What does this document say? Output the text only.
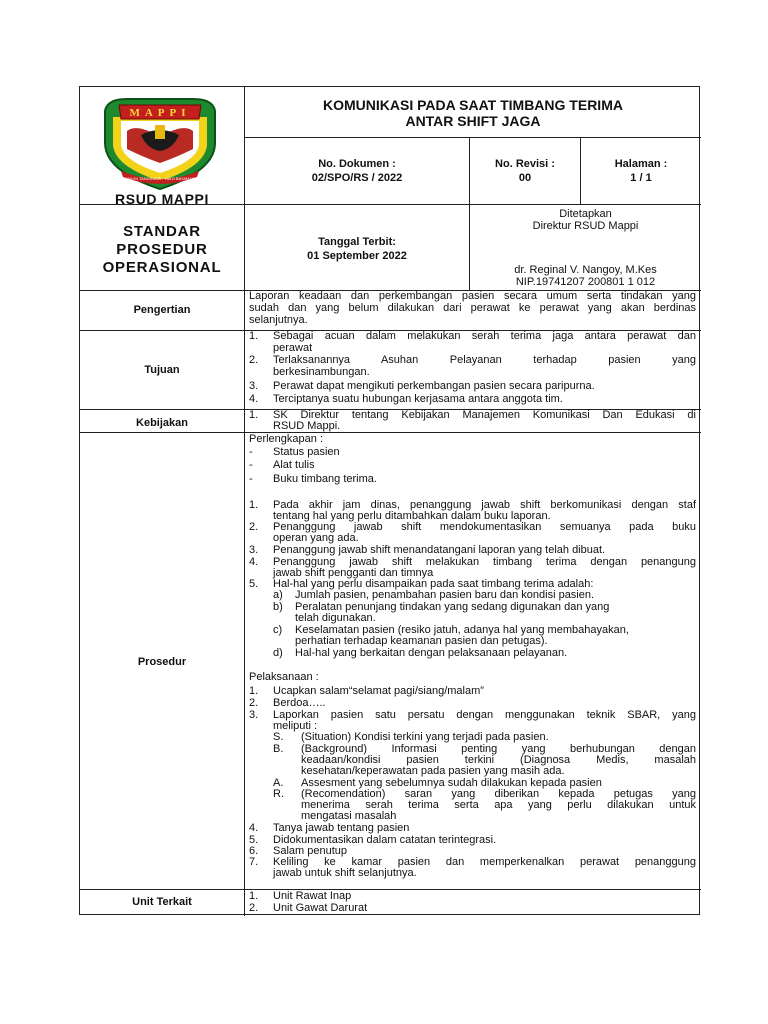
MAPPI
UNUGI TANGKUDA - TAKO BAYAMAN
RSUD MAPPI
KOMUNIKASI PADA SAAT TIMBANG TERIMA
ANTAR SHIFT JAGA
No. Dokumen :
02/SPO/RS / 2022
No. Revisi :
00
Halaman :
1 / 1
STANDAR
PROSEDUR
OPERASIONAL
Tanggal Terbit:
01 September 2022
Ditetapkan
Direktur RSUD Mappi
dr. Reginal V. Nangoy, M.Kes
NIP.19741207 200801 1 012
Pengertian
Tujuan
Kebijakan
Prosedur
Unit Terkait
Laporan keadaan dan perkembangan pasien secara umum serta tindakan yang
sudah dan yang belum dilakukan dari perawat ke perawat yang akan berdinas
selanjutnya.
1. Sebagai acuan dalam melakukan serah terima jaga antara perawat dan
perawat
2. Terlaksanannya Asuhan Pelayanan terhadap pasien yang
berkesinambungan.
3. Perawat dapat mengikuti perkembangan pasien secara paripurna.
4. Terciptanya suatu hubungan kerjasama antara anggota tim.
1. SK Direktur tentang Kebijakan Manajemen Komunikasi Dan Edukasi di
RSUD Mappi.
Perlengkapan :
- Status pasien
- Alat tulis
- Buku timbang terima.
1. Pada akhir jam dinas, penanggung jawab shift berkomunikasi dengan staf
tentang hal yang perlu ditambahkan dalam buku laporan.
2. Penanggung jawab shift mendokumentasikan semuanya pada buku
operan yang ada.
3. Penanggung jawab shift menandatangani laporan yang telah dibuat.
4. Penanggung jawab shift melakukan timbang terima dengan penangung
jawab shift pengganti dan timnya
5. Hal-hal yang perlu disampaikan pada saat timbang terima adalah:
a) Jumlah pasien, penambahan pasien baru dan kondisi pasien.
b) Peralatan penunjang tindakan yang sedang digunakan dan yang
telah digunakan.
c) Keselamatan pasien (resiko jatuh, adanya hal yang membahayakan,
perhatian terhadap keamanan pasien dan petugas).
d) Hal-hal yang berkaitan dengan pelaksanaan pelayanan.
Pelaksanaan :
1. Ucapkan salam“selamat pagi/siang/malam”
2. Berdoa…..
3. Laporkan pasien satu persatu dengan menggunakan teknik SBAR, yang
meliputi :
S. (Situation) Kondisi terkini yang terjadi pada pasien.
B. (Background) Informasi penting yang berhubungan dengan
keadaan/kondisi pasien terkini (Diagnosa Medis, masalah
kesehatan/keperawatan pada pasien yang masih ada.
A. Assesment yang sebelumnya sudah dilakukan kepada pasien
R. (Recomendation) saran yang diberikan kepada petugas yang
menerima serah terima serta apa yang perlu dilakukan untuk
mengatasi masalah
4. Tanya jawab tentang pasien
5. Didokumentasikan dalam catatan terintegrasi.
6. Salam penutup
7. Keliling ke kamar pasien dan memperkenalkan perawat penanggung
jawab untuk shift selanjutnya.
1. Unit Rawat Inap
2. Unit Gawat Darurat
